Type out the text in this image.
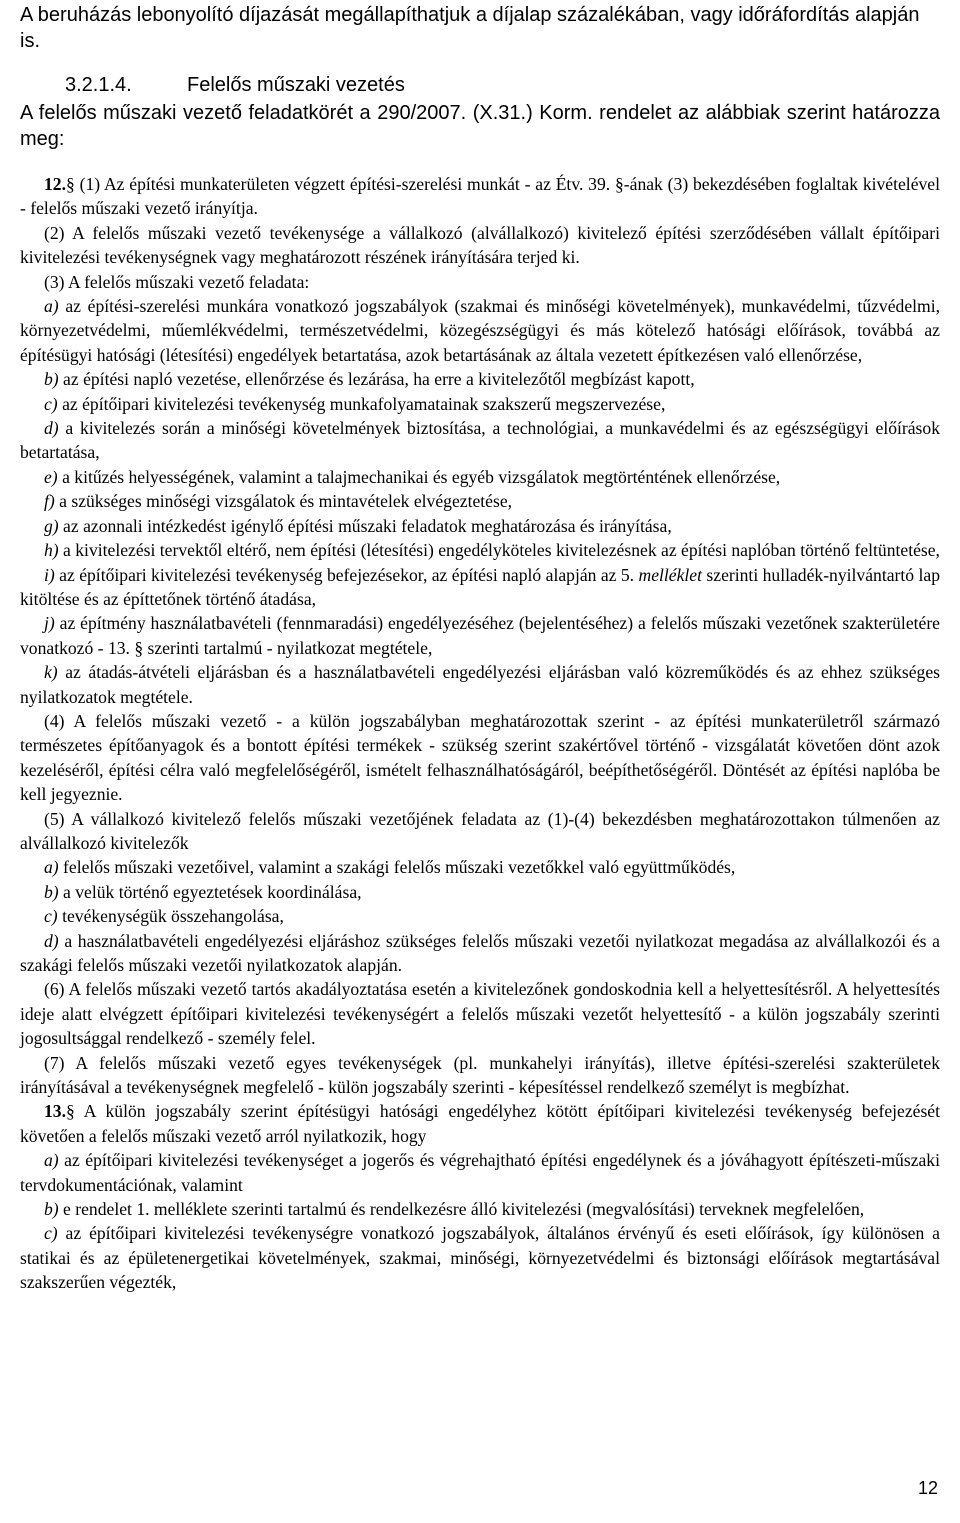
A beruházás lebonyolító díjazását megállapíthatjuk a díjalap százalékában, vagy időráfordítás alapján is.

3.2.1.4.	Felelős műszaki vezetés

A felelős műszaki vezető feladatkörét a 290/2007. (X.31.) Korm. rendelet az alábbiak szerint határozza meg:

12.§ (1) Az építési munkaterületen végzett építési-szerelési munkát - az Étv. 39. §-ának (3) bekezdésében foglaltak kivételével - felelős műszaki vezető irányítja.

(2) A felelős műszaki vezető tevékenysége a vállalkozó (alvállalkozó) kivitelező építési szerződésében vállalt építőipari kivitelezési tevékenységnek vagy meghatározott részének irányítására terjed ki.

(3) A felelős műszaki vezető feladata:

a) az építési-szerelési munkára vonatkozó jogszabályok (szakmai és minőségi követelmények), munkavédelmi, tűzvédelmi, környezetvédelmi, műemlékvédelmi, természetvédelmi, közegészségügyi és más kötelező hatósági előírások, továbbá az építésügyi hatósági (létesítési) engedélyek betartatása, azok betartásának az általa vezetett építkezésen való ellenőrzése,

b) az építési napló vezetése, ellenőrzése és lezárása, ha erre a kivitelezőtől megbízást kapott,

c) az építőipari kivitelezési tevékenység munkafolyamatainak szakszerű megszervezése,

d) a kivitelezés során a minőségi követelmények biztosítása, a technológiai, a munkavédelmi és az egészségügyi előírások betartatása,

e) a kitűzés helyességének, valamint a talajmechanikai és egyéb vizsgálatok megtörténtének ellenőrzése,

f) a szükséges minőségi vizsgálatok és mintavételek elvégeztetése,

g) az azonnali intézkedést igénylő építési műszaki feladatok meghatározása és irányítása,

h) a kivitelezési tervektől eltérő, nem építési (létesítési) engedélyköteles kivitelezésnek az építési naplóban történő feltüntetése,

i) az építőipari kivitelezési tevékenység befejezésekor, az építési napló alapján az 5. melléklet szerinti hulladék-nyilvántartó lap kitöltése és az építtetőnek történő átadása,

j) az építmény használatbavételi (fennmaradási) engedélyezéséhez (bejelentéséhez) a felelős műszaki vezetőnek szakterületére vonatkozó - 13. § szerinti tartalmú - nyilatkozat megtétele,

k) az átadás-átvételi eljárásban és a használatbavételi engedélyezési eljárásban való közreműködés és az ehhez szükséges nyilatkozatok megtétele.

(4) A felelős műszaki vezető - a külön jogszabályban meghatározottak szerint - az építési munkaterületről származó természetes építőanyagok és a bontott építési termékek - szükség szerint szakértővel történő - vizsgálatát követően dönt azok kezeléséről, építési célra való megfelelőségéről, ismételt felhasználhatóságáról, beépíthetőségéről. Döntését az építési naplóba be kell jegyeznie.

(5) A vállalkozó kivitelező felelős műszaki vezetőjének feladata az (1)-(4) bekezdésben meghatározottakon túlmenően az alvállalkozó kivitelezők

a) felelős műszaki vezetőivel, valamint a szakági felelős műszaki vezetőkkel való együttműködés,

b) a velük történő egyeztetések koordinálása,

c) tevékenységük összehangolása,

d) a használatbavételi engedélyezési eljáráshoz szükséges felelős műszaki vezetői nyilatkozat megadása az alvállalkozói és a szakági felelős műszaki vezetői nyilatkozatok alapján.

(6) A felelős műszaki vezető tartós akadályoztatása esetén a kivitelezőnek gondoskodnia kell a helyettesítésről. A helyettesítés ideje alatt elvégzett építőipari kivitelezési tevékenységért a felelős műszaki vezetőt helyettesítő - a külön jogszabály szerinti jogosultsággal rendelkező - személy felel.

(7) A felelős műszaki vezető egyes tevékenységek (pl. munkahelyi irányítás), illetve építési-szerelési szakterületek irányításával a tevékenységnek megfelelő - külön jogszabály szerinti - képesítéssel rendelkező személyt is megbízhat.

13.§ A külön jogszabály szerint építésügyi hatósági engedélyhez kötött építőipari kivitelezési tevékenység befejezését követően a felelős műszaki vezető arról nyilatkozik, hogy

a) az építőipari kivitelezési tevékenységet a jogerős és végrehajtható építési engedélynek és a jóváhagyott építészeti-műszaki tervdokumentációnak, valamint

b) e rendelet 1. melléklete szerinti tartalmú és rendelkezésre álló kivitelezési (megvalósítási) terveknek megfelelően,

c) az építőipari kivitelezési tevékenységre vonatkozó jogszabályok, általános érvényű és eseti előírások, így különösen a statikai és az épületenergetikai követelmények, szakmai, minőségi, környezetvédelmi és biztonsági előírások megtartásával szakszerűen végezték,

12
